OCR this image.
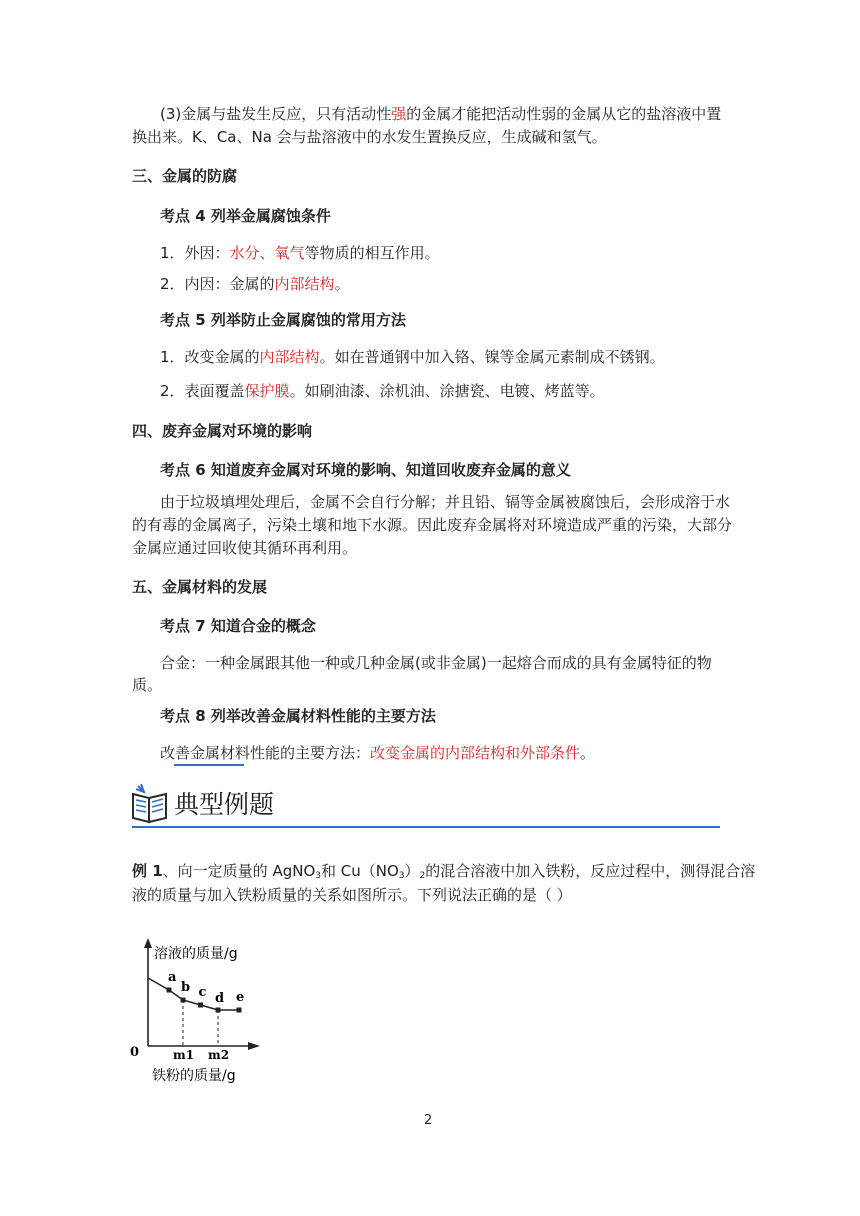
(3)金属与盐发生反应，只有活动性强的金属才能把活动性弱的金属从它的盐溶液中置
换出来。K、Ca、Na 会与盐溶液中的水发生置换反应，生成碱和氢气。
三、金属的防腐
考点 4 列举金属腐蚀条件
1．外因：水分、氧气等物质的相互作用。
2．内因：金属的内部结构。
考点 5 列举防止金属腐蚀的常用方法
1．改变金属的内部结构。如在普通钢中加入铬、镍等金属元素制成不锈钢。
2．表面覆盖保护膜。如刷油漆、涂机油、涂搪瓷、电镀、烤蓝等。
四、废弃金属对环境的影响
考点 6 知道废弃金属对环境的影响、知道回收废弃金属的意义
由于垃圾填埋处理后，金属不会自行分解；并且铅、镉等金属被腐蚀后，会形成溶于水
的有毒的金属离子，污染土壤和地下水源。因此废弃金属将对环境造成严重的污染，大部分
金属应通过回收使其循环再利用。
五、金属材料的发展
考点 7 知道合金的概念
合金：一种金属跟其他一种或几种金属(或非金属)一起熔合而成的具有金属特征的物
质。
考点 8 列举改善金属材料性能的主要方法
改善金属材料性能的主要方法：改变金属的内部结构和外部条件。
典型例题
例 1、向一定质量的 AgNO$_3$和 $Cu(NO_3)_2$的混合溶液中加入铁粉，反应过程中，测得混合溶
液的质量与加入铁粉质量的关系如图所示。下列说法正确的是（ ）
溶液的质量/g
0
铁粉的质量/g
a
b c d e
m1 m2
2
